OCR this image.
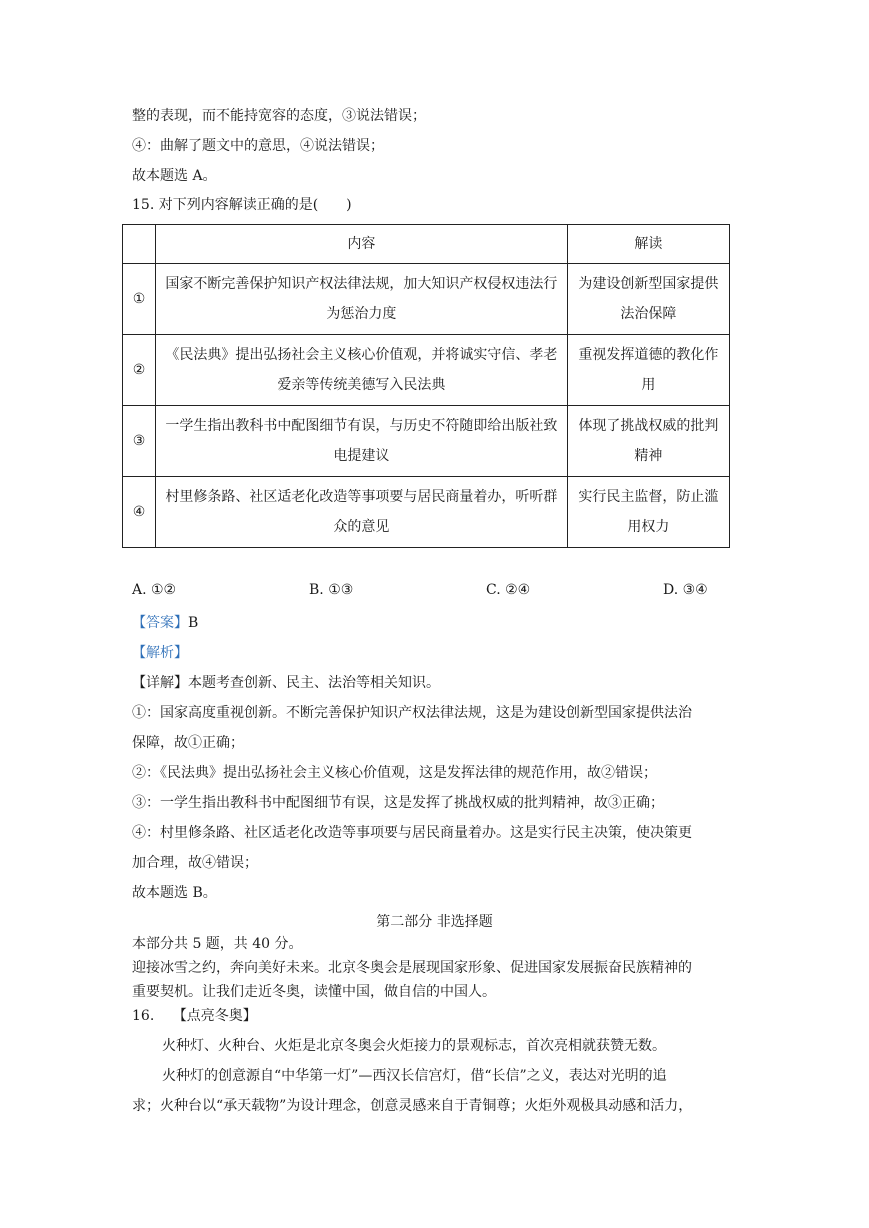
整的表现，而不能持宽容的态度，③说法错误；
④：曲解了题文中的意思，④说法错误；
故本题选 A。
15. 对下列内容解读正确的是(　　)
	内容	解读
①	国家不断完善保护知识产权法律法规，加大知识产权侵权违法行为惩治力度	为建设创新型国家提供法治保障
②	《民法典》提出弘扬社会主义核心价值观，并将诚实守信、孝老爱亲等传统美德写入民法典	重视发挥道德的教化作用
③	一学生指出教科书中配图细节有误，与历史不符随即给出版社致电提建议	体现了挑战权威的批判精神
④	村里修条路、社区适老化改造等事项要与居民商量着办，听听群众的意见	实行民主监督，防止滥用权力
A. ①②	B. ①③	C. ②④	D. ③④
【答案】B
【解析】
【详解】本题考查创新、民主、法治等相关知识。
①：国家高度重视创新。不断完善保护知识产权法律法规，这是为建设创新型国家提供法治
保障，故①正确；
②：《民法典》提出弘扬社会主义核心价值观，这是发挥法律的规范作用，故②错误；
③：一学生指出教科书中配图细节有误，这是发挥了挑战权威的批判精神，故③正确；
④：村里修条路、社区适老化改造等事项要与居民商量着办。这是实行民主决策，使决策更
加合理，故④错误；
故本题选 B。
第二部分 非选择题
本部分共 5 题，共 40 分。
迎接冰雪之约，奔向美好未来。北京冬奥会是展现国家形象、促进国家发展振奋民族精神的
重要契机。让我们走近冬奥，读懂中国，做自信的中国人。
16.　 【点亮冬奥】
火种灯、火种台、火炬是北京冬奥会火炬接力的景观标志，首次亮相就获赞无数。
火种灯的创意源自“中华第一灯”—西汉长信宫灯，借“长信”之义，表达对光明的追
求；火种台以“承天载物”为设计理念，创意灵感来自于青铜尊；火炬外观极具动感和活力，
